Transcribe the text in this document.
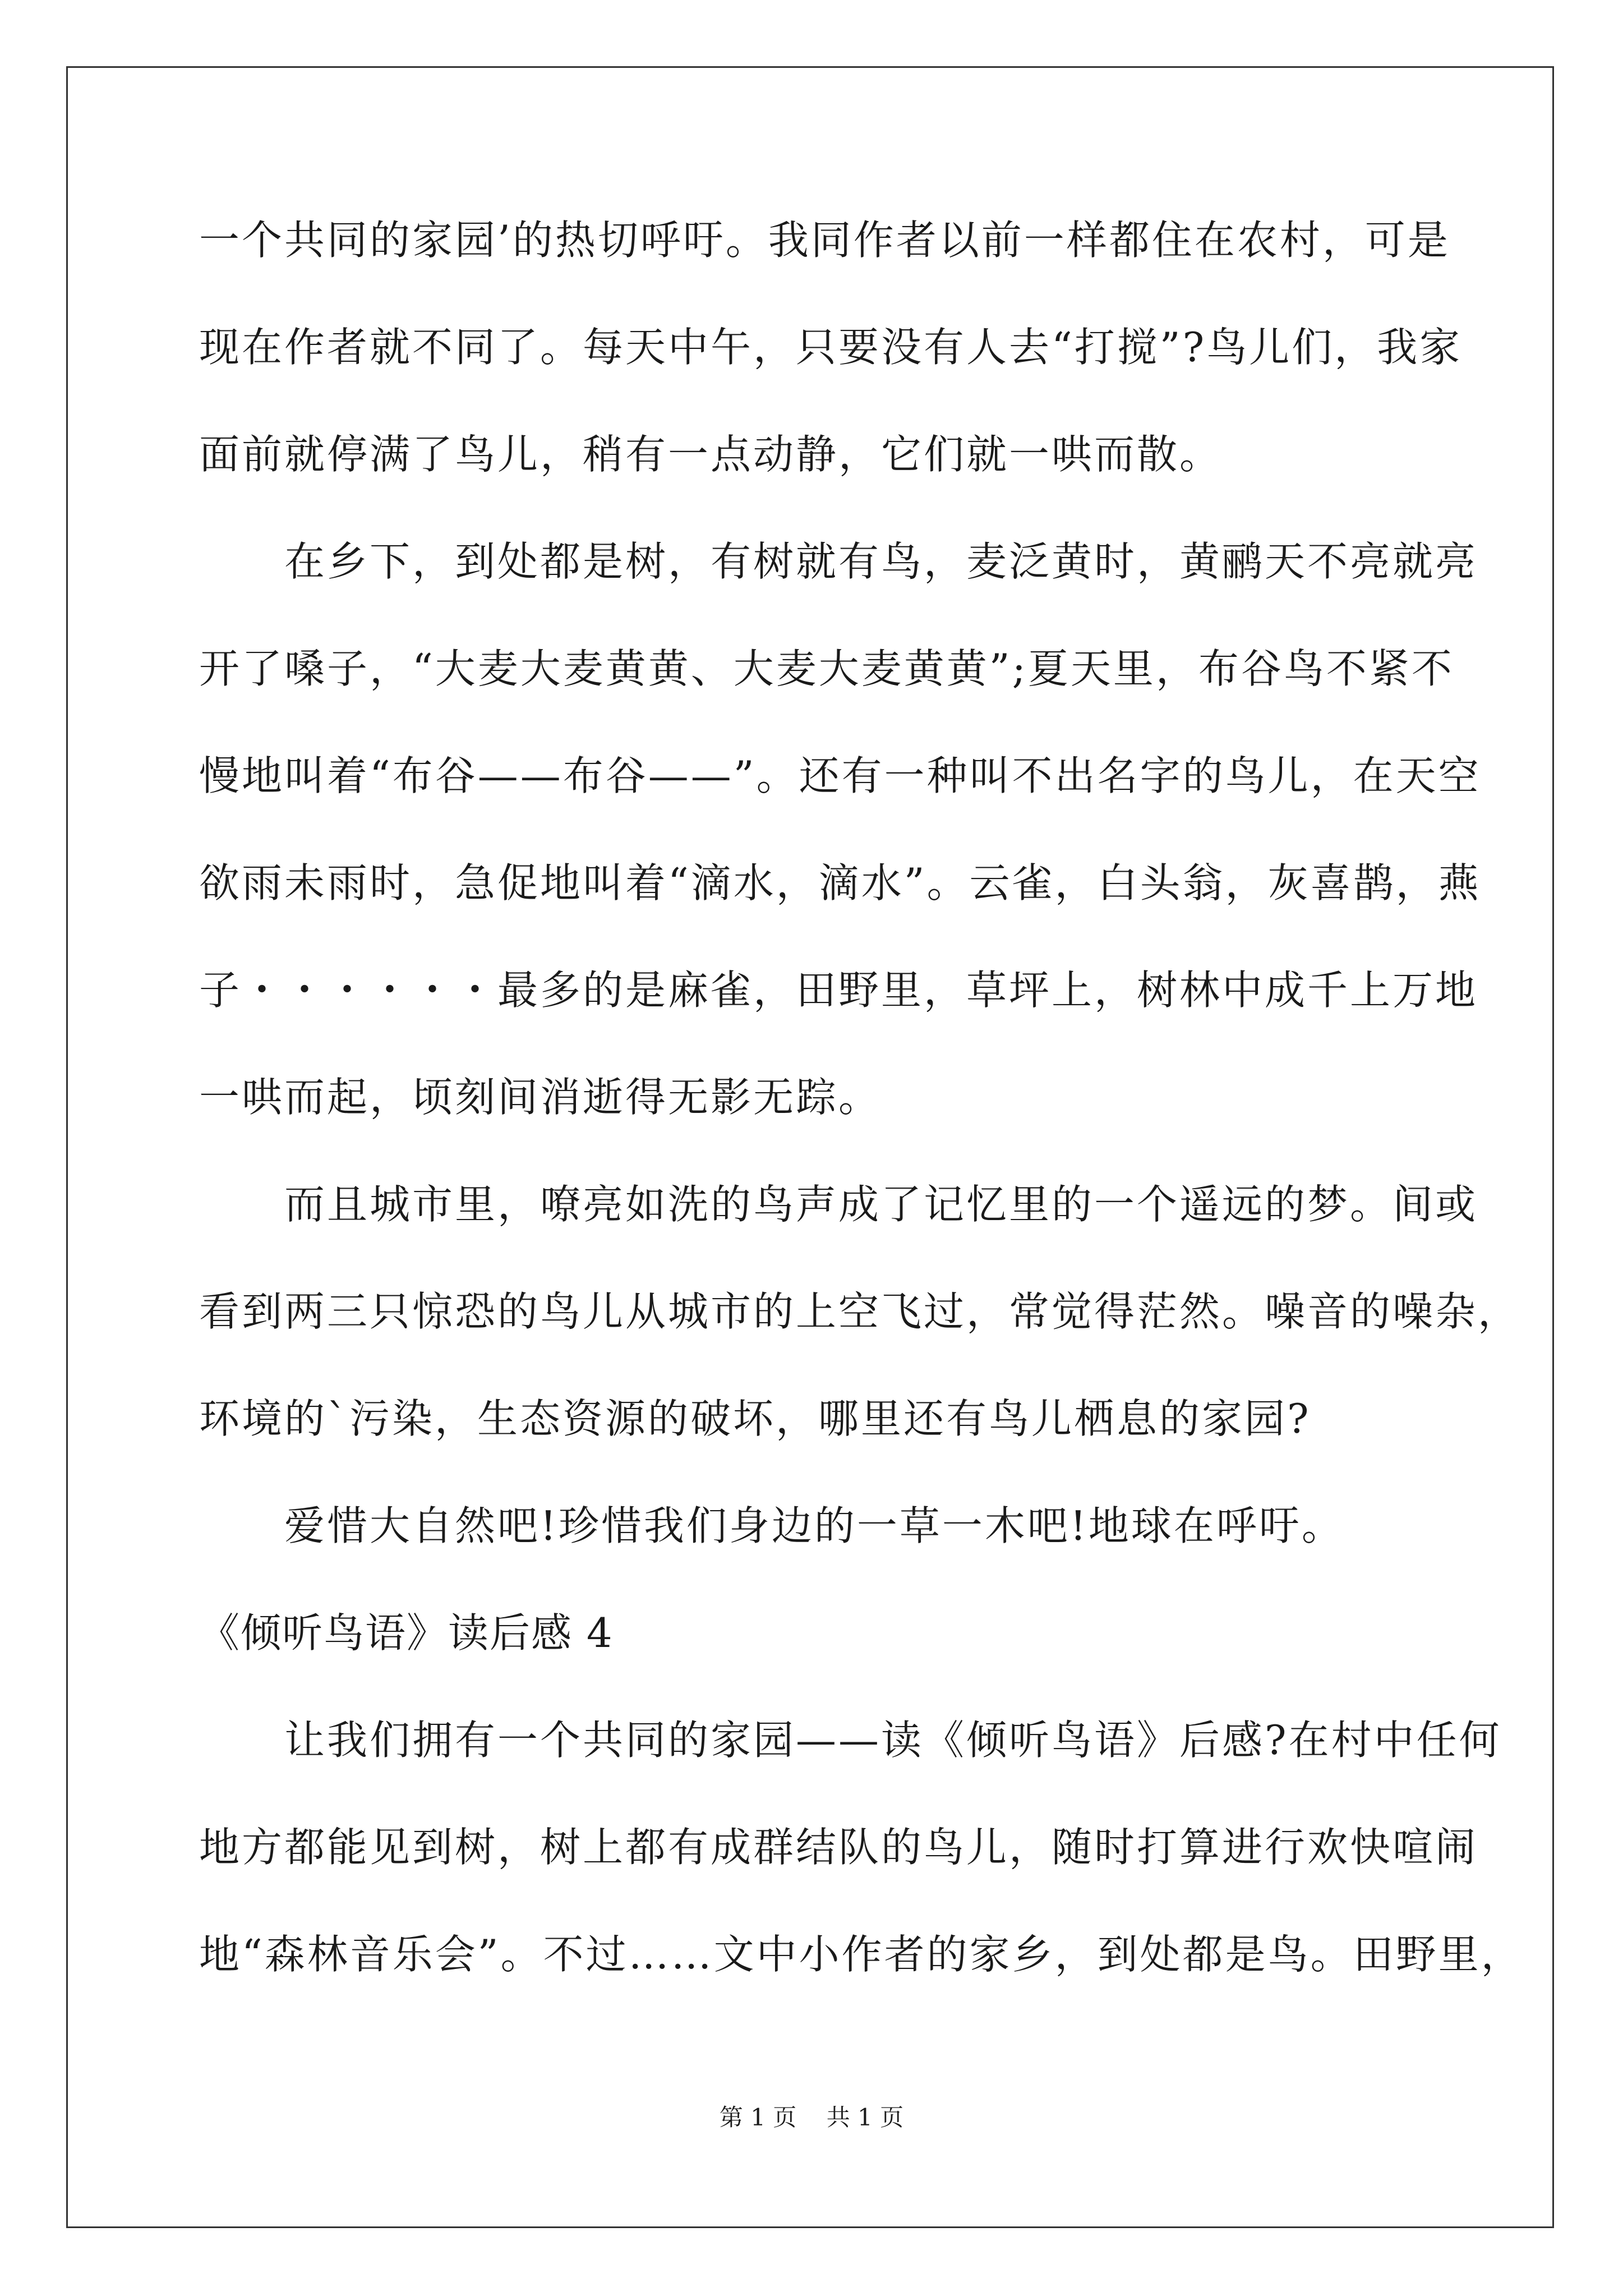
一个共同的家园’的热切呼吁。我同作者以前一样都住在农村，可是
现在作者就不同了。每天中午，只要没有人去“打搅”?鸟儿们，我家
面前就停满了鸟儿，稍有一点动静，它们就一哄而散。
　　在乡下，到处都是树，有树就有鸟，麦泛黄时，黄鹂天不亮就亮
开了嗓子，“大麦大麦黄黄、大麦大麦黄黄”;夏天里，布谷鸟不紧不
慢地叫着“布谷——布谷——”。还有一种叫不出名字的鸟儿，在天空
欲雨未雨时，急促地叫着“滴水，滴水”。云雀，白头翁，灰喜鹊，燕
子・・・・・・最多的是麻雀，田野里，草坪上，树林中成千上万地
一哄而起，顷刻间消逝得无影无踪。
　　而且城市里，嘹亮如洗的鸟声成了记忆里的一个遥远的梦。间或
看到两三只惊恐的鸟儿从城市的上空飞过，常觉得茫然。噪音的噪杂，
环境的`污染，生态资源的破坏，哪里还有鸟儿栖息的家园?
　　爱惜大自然吧!珍惜我们身边的一草一木吧!地球在呼吁。
《倾听鸟语》读后感 4
　　让我们拥有一个共同的家园——读《倾听鸟语》后感?在村中任何
地方都能见到树，树上都有成群结队的鸟儿，随时打算进行欢快喧闹
地“森林音乐会”。不过……文中小作者的家乡，到处都是鸟。田野里，
第 1 页    共 1 页
